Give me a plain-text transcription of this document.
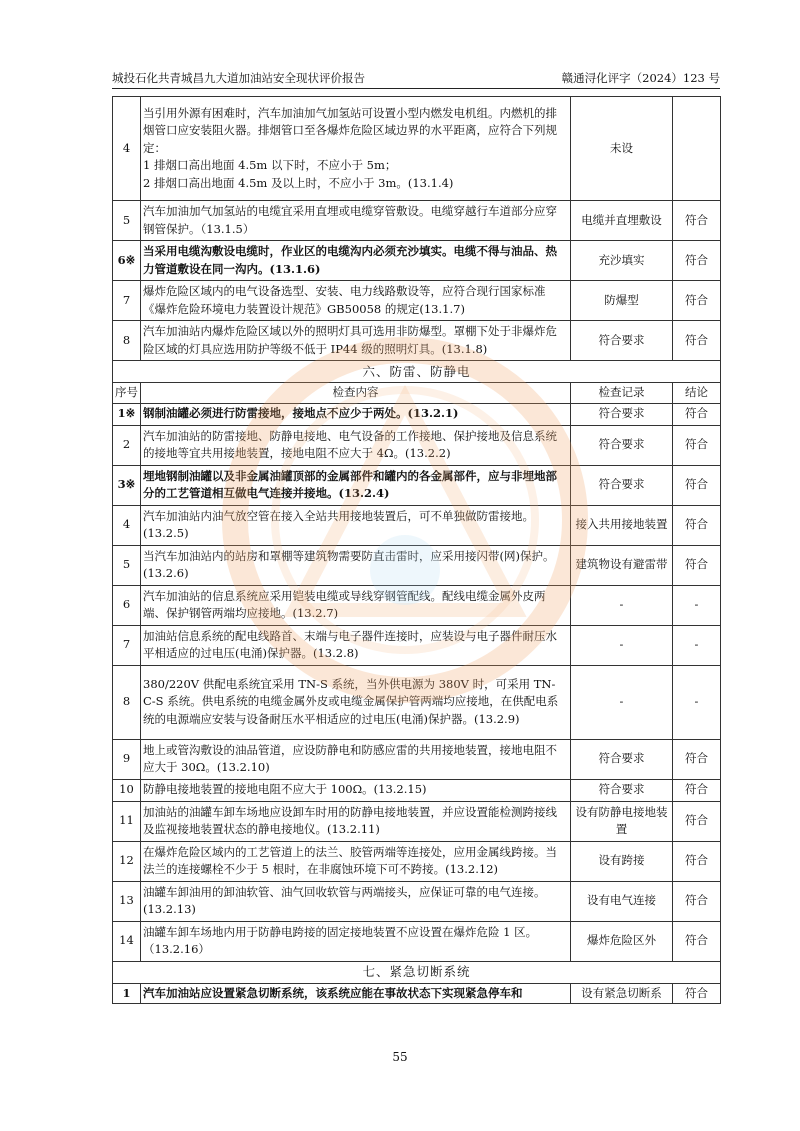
城投石化共青城昌九大道加油站安全现状评价报告	赣通浔化评字（2024）123 号
4	当引用外源有困难时，汽车加油加气加氢站可设置小型内燃发电机组。内燃机的排烟管口应安装阻火器。排烟管口至各爆炸危险区域边界的水平距离，应符合下列规定：
1 排烟口高出地面 4.5m 以下时，不应小于 5m；
2 排烟口高出地面 4.5m 及以上时，不应小于 3m。(13.1.4)	未设	
5	汽车加油加气加氢站的电缆宜采用直埋或电缆穿管敷设。电缆穿越行车道部分应穿钢管保护。（13.1.5）	电缆并直埋敷设	符合
6※	当采用电缆沟敷设电缆时，作业区的电缆沟内必须充沙填实。电缆不得与油品、热力管道敷设在同一沟内。(13.1.6)	充沙填实	符合
7	爆炸危险区域内的电气设备选型、安装、电力线路敷设等，应符合现行国家标准《爆炸危险环境电力装置设计规范》GB50058 的规定(13.1.7)	防爆型	符合
8	汽车加油站内爆炸危险区域以外的照明灯具可选用非防爆型。罩棚下处于非爆炸危险区域的灯具应选用防护等级不低于 IP44 级的照明灯具。(13.1.8)	符合要求	符合
六、防雷、防静电			
序号	检查内容	检查记录	结论
1※	钢制油罐必须进行防雷接地，接地点不应少于两处。(13.2.1)	符合要求	符合
2	汽车加油站的防雷接地、防静电接地、电气设备的工作接地、保护接地及信息系统的接地等宜共用接地装置，接地电阻不应大于 4Ω。(13.2.2)	符合要求	符合
3※	埋地钢制油罐以及非金属油罐顶部的金属部件和罐内的各金属部件，应与非埋地部分的工艺管道相互做电气连接并接地。(13.2.4)	符合要求	符合
4	汽车加油站内油气放空管在接入全站共用接地装置后，可不单独做防雷接地。(13.2.5)	接入共用接地装置	符合
5	当汽车加油站内的站房和罩棚等建筑物需要防直击雷时，应采用接闪带(网)保护。(13.2.6)	建筑物设有避雷带	符合
6	汽车加油站的信息系统应采用铠装电缆或导线穿钢管配线。配线电缆金属外皮两端、保护钢管两端均应接地。(13.2.7)	-	-
7	加油站信息系统的配电线路首、末端与电子器件连接时，应装设与电子器件耐压水平相适应的过电压(电涌)保护器。(13.2.8)	-	-
8	380/220V 供配电系统宜采用 TN-S 系统，当外供电源为 380V 时，可采用 TN-C-S 系统。供电系统的电缆金属外皮或电缆金属保护管两端均应接地，在供配电系统的电源端应安装与设备耐压水平相适应的过电压(电涌)保护器。(13.2.9)	-	-
9	地上或管沟敷设的油品管道，应设防静电和防感应雷的共用接地装置，接地电阻不应大于 30Ω。(13.2.10)	符合要求	符合
10	防静电接地装置的接地电阻不应大于 100Ω。(13.2.15)	符合要求	符合
11	加油站的油罐车卸车场地应设卸车时用的防静电接地装置，并应设置能检测跨接线及监视接地装置状态的静电接地仪。(13.2.11)	设有防静电接地装置	符合
12	在爆炸危险区域内的工艺管道上的法兰、胶管两端等连接处，应用金属线跨接。当法兰的连接螺栓不少于 5 根时，在非腐蚀环境下可不跨接。(13.2.12)	设有跨接	符合
13	油罐车卸油用的卸油软管、油气回收软管与两端接头，应保证可靠的电气连接。(13.2.13)	设有电气连接	符合
14	油罐车卸车场地内用于防静电跨接的固定接地装置不应设置在爆炸危险 1 区。（13.2.16）	爆炸危险区外	符合
七、紧急切断系统			
1	汽车加油站应设置紧急切断系统，该系统应能在事故状态下实现紧急停车和	设有紧急切断系	符合
55
